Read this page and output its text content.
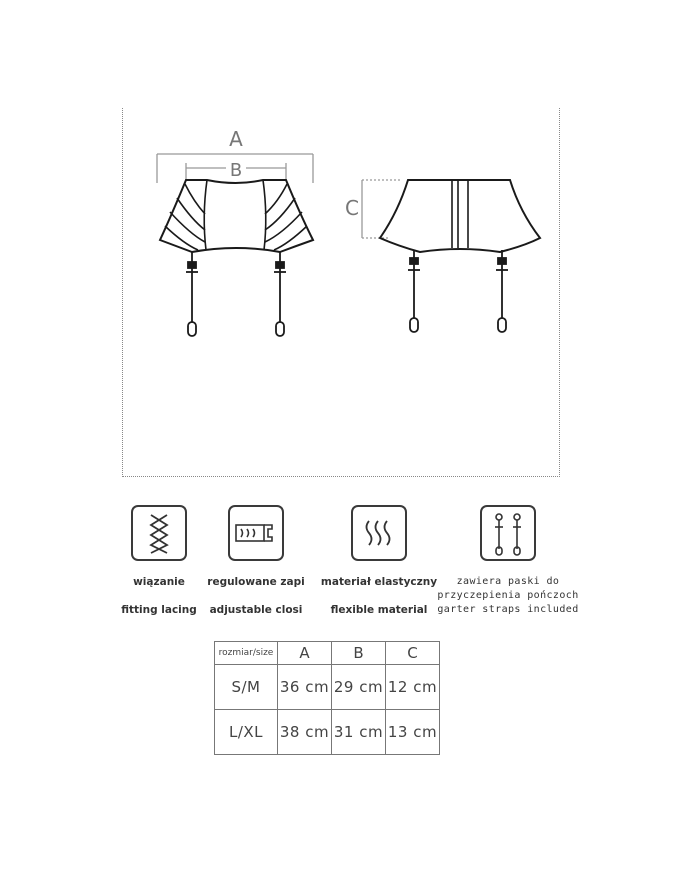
A
B
C
wiązanie
fitting lacing
regulowane zapi
adjustable closi
materiał elastyczny
flexible material
zawiera paski do
przyczepienia pończoch
garter straps included
rozmiar/size	A	B	C
S/M	36 cm	29 cm	12 cm
L/XL	38 cm	31 cm	13 cm
